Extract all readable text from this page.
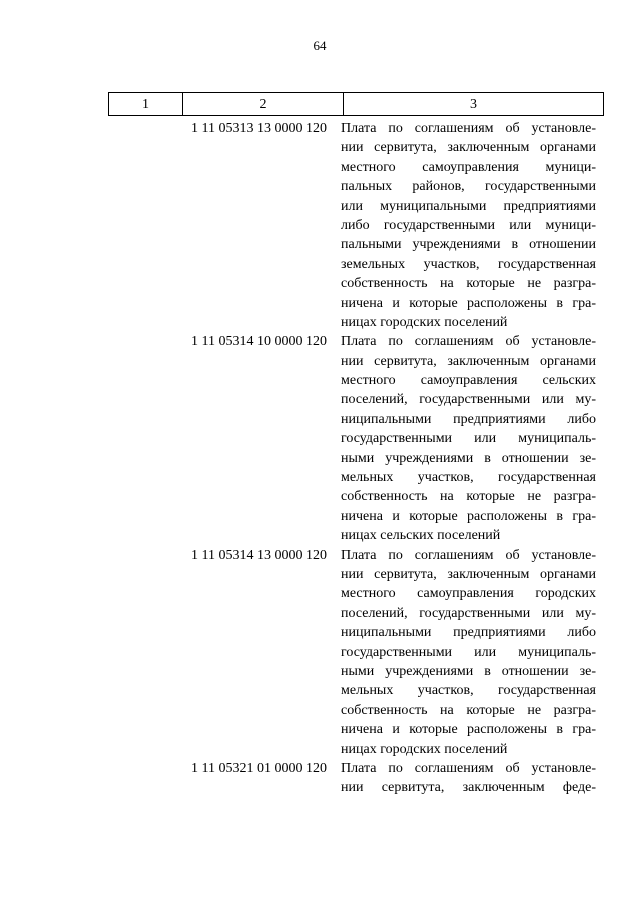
64
1	2	3
1 11 05313 13 0000 120	Плата по соглашениям об установле-
нии сервитута, заключенным органами
местного самоуправления муници-
пальных районов, государственными
или муниципальными предприятиями
либо государственными или муници-
пальными учреждениями в отношении
земельных участков, государственная
собственность на которые не разгра-
ничена и которые расположены в гра-
ницах городских поселений
1 11 05314 10 0000 120	Плата по соглашениям об установле-
нии сервитута, заключенным органами
местного самоуправления сельских
поселений, государственными или му-
ниципальными предприятиями либо
государственными или муниципаль-
ными учреждениями в отношении зе-
мельных участков, государственная
собственность на которые не разгра-
ничена и которые расположены в гра-
ницах сельских поселений
1 11 05314 13 0000 120	Плата по соглашениям об установле-
нии сервитута, заключенным органами
местного самоуправления городских
поселений, государственными или му-
ниципальными предприятиями либо
государственными или муниципаль-
ными учреждениями в отношении зе-
мельных участков, государственная
собственность на которые не разгра-
ничена и которые расположены в гра-
ницах городских поселений
1 11 05321 01 0000 120	Плата по соглашениям об установле-
нии сервитута, заключенным феде-
